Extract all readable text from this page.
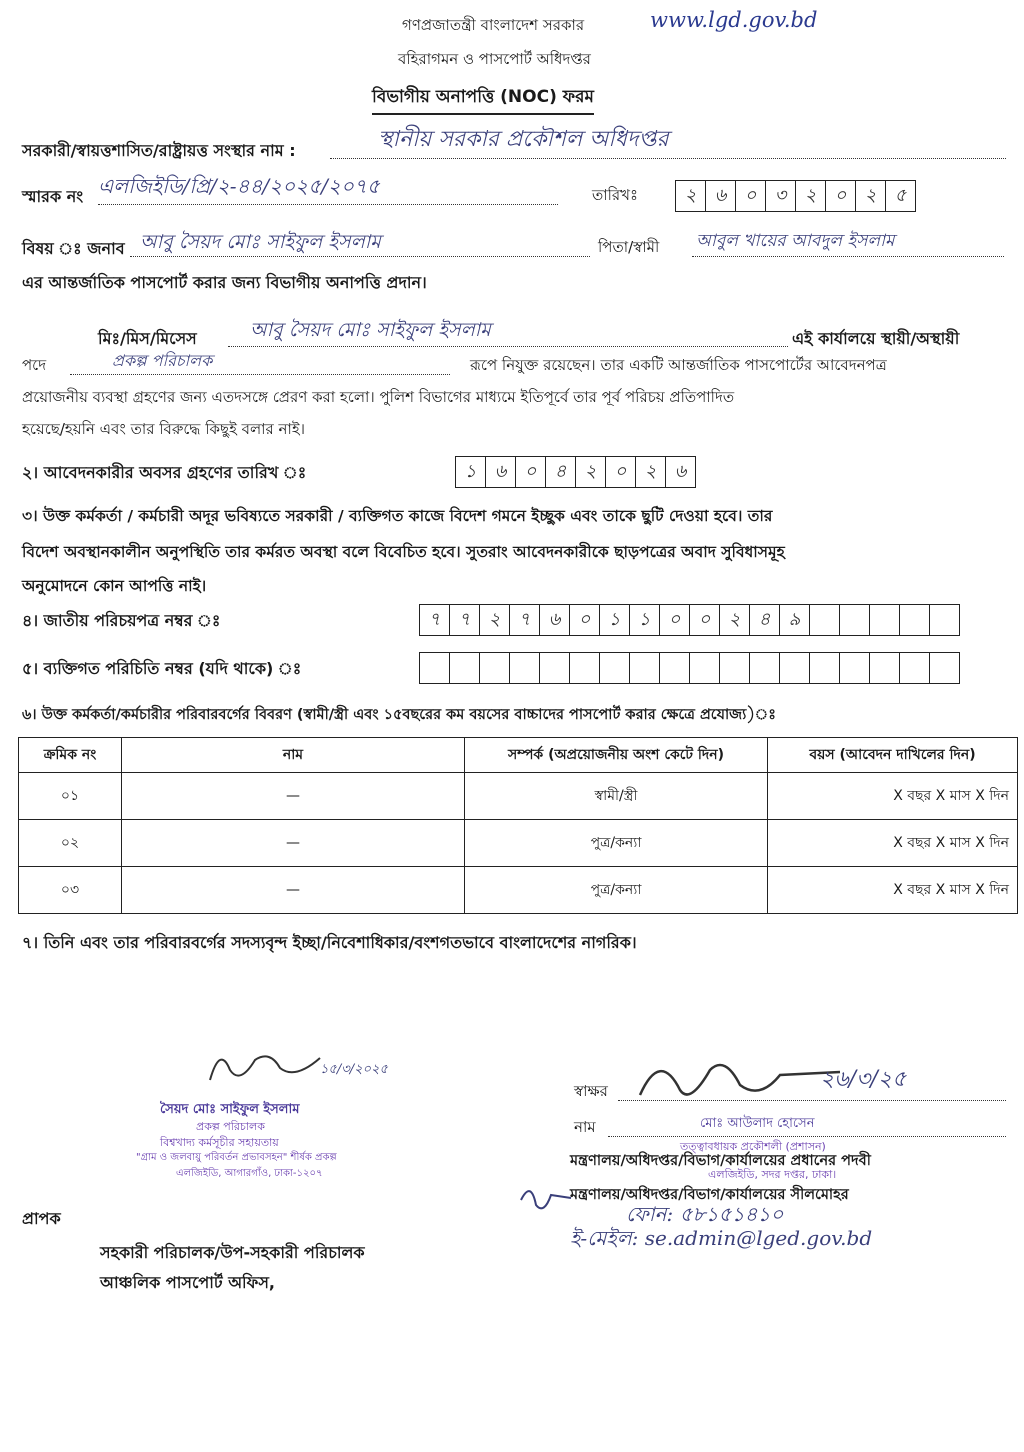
গণপ্রজাতন্ত্রী বাংলাদেশ সরকার	www.lgd.gov.bd
বহিরাগমন ও পাসপোর্ট অধিদপ্তর
বিভাগীয় অনাপত্তি (NOC) ফরম
সরকারী/স্বায়ত্তশাসিত/রাষ্ট্রায়ত্ত সংস্থার নাম :	স্থানীয় সরকার প্রকৌশল অধিদপ্তর
স্মারক নং এলজিইডি/প্রি/২-৪৪/২০২৫/২০৭৫	তারিখঃ	২	৬	০	৩	২	০	২	৫
বিষয় ঃ জনাব আবু সৈয়দ মোঃ সাইফুল ইসলাম	পিতা/স্বামী আবুল খায়ের আবদুল ইসলাম
এর আন্তর্জাতিক পাসপোর্ট করার জন্য বিভাগীয় অনাপত্তি প্রদান।
মিঃ/মিস/মিসেস	আবু সৈয়দ মোঃ সাইফুল ইসলাম	এই কার্যালয়ে স্থায়ী/অস্থায়ী
পদে	প্রকল্প পরিচালক	রূপে নিযুক্ত রয়েছেন। তার একটি আন্তর্জাতিক পাসপোর্টের আবেদনপত্র
প্রয়োজনীয় ব্যবস্থা গ্রহণের জন্য এতদসঙ্গে প্রেরণ করা হলো। পুলিশ বিভাগের মাধ্যমে ইতিপূর্বে তার পূর্ব পরিচয় প্রতিপাদিত
হয়েছে/হয়নি এবং তার বিরুদ্ধে কিছুই বলার নাই।
২। আবেদনকারীর অবসর গ্রহণের তারিখ ঃ	১	৬	০	৪	২	০	২	৬
৩। উক্ত কর্মকর্তা / কর্মচারী অদূর ভবিষ্যতে সরকারী / ব্যক্তিগত কাজে বিদেশ গমনে ইচ্ছুক এবং তাকে ছুটি দেওয়া হবে। তার
বিদেশ অবস্থানকালীন অনুপস্থিতি তার কর্মরত অবস্থা বলে বিবেচিত হবে। সুতরাং আবেদনকারীকে ছাড়পত্রের অবাদ সুবিধাসমূহ
অনুমোদনে কোন আপত্তি নাই।
৪। জাতীয় পরিচয়পত্র নম্বর ঃ	৭	৭	২	৭	৬	০	১	১	০	০	২	৪	৯
৫। ব্যক্তিগত পরিচিতি নম্বর (যদি থাকে) ঃ
৬। উক্ত কর্মকর্তা/কর্মচারীর পরিবারবর্গের বিবরণ (স্বামী/স্ত্রী এবং ১৫বছরের কম বয়সের বাচ্চাদের পাসপোর্ট করার ক্ষেত্রে প্রযোজ্য)ঃ
ক্রমিক নং	নাম	সম্পর্ক (অপ্রয়োজনীয় অংশ কেটে দিন)	বয়স (আবেদন দাখিলের দিন)
০১	—	স্বামী/স্ত্রী	X বছর X মাস X দিন
০২	—	পুত্র/কন্যা	X বছর X মাস X দিন
০৩	—	পুত্র/কন্যা	X বছর X মাস X দিন
৭। তিনি এবং তার পরিবারবর্গের সদস্যবৃন্দ ইচ্ছা/নিবেশাধিকার/বংশগতভাবে বাংলাদেশের নাগরিক।
১৫/৩/২০২৫
সৈয়দ মোঃ সাইফুল ইসলাম
প্রকল্প পরিচালক
বিশ্বখাদ্য কর্মসূচীর সহায়তায়
"গ্রাম ও জলবায়ু পরিবর্তন প্রভাবসহন" শীর্ষক প্রকল্প
এলজিইডি, আগারগাঁও, ঢাকা-১২০৭
স্বাক্ষর	২৬/৩/২৫
নাম	মোঃ আউলাদ হোসেন
তত্ত্বাবধায়ক প্রকৌশলী (প্রশাসন)
মন্ত্রণালয়/অধিদপ্তর/বিভাগ/কার্যালয়ের প্রধানের পদবী
এলজিইডি, সদর দপ্তর, ঢাকা।
মন্ত্রণালয়/অধিদপ্তর/বিভাগ/কার্যালয়ের সীলমোহর
ফোন: ৫৮১৫১৪১০
ই-মেইল: se.admin@lged.gov.bd
প্রাপক
সহকারী পরিচালক/উপ-সহকারী পরিচালক
আঞ্চলিক পাসপোর্ট অফিস,
